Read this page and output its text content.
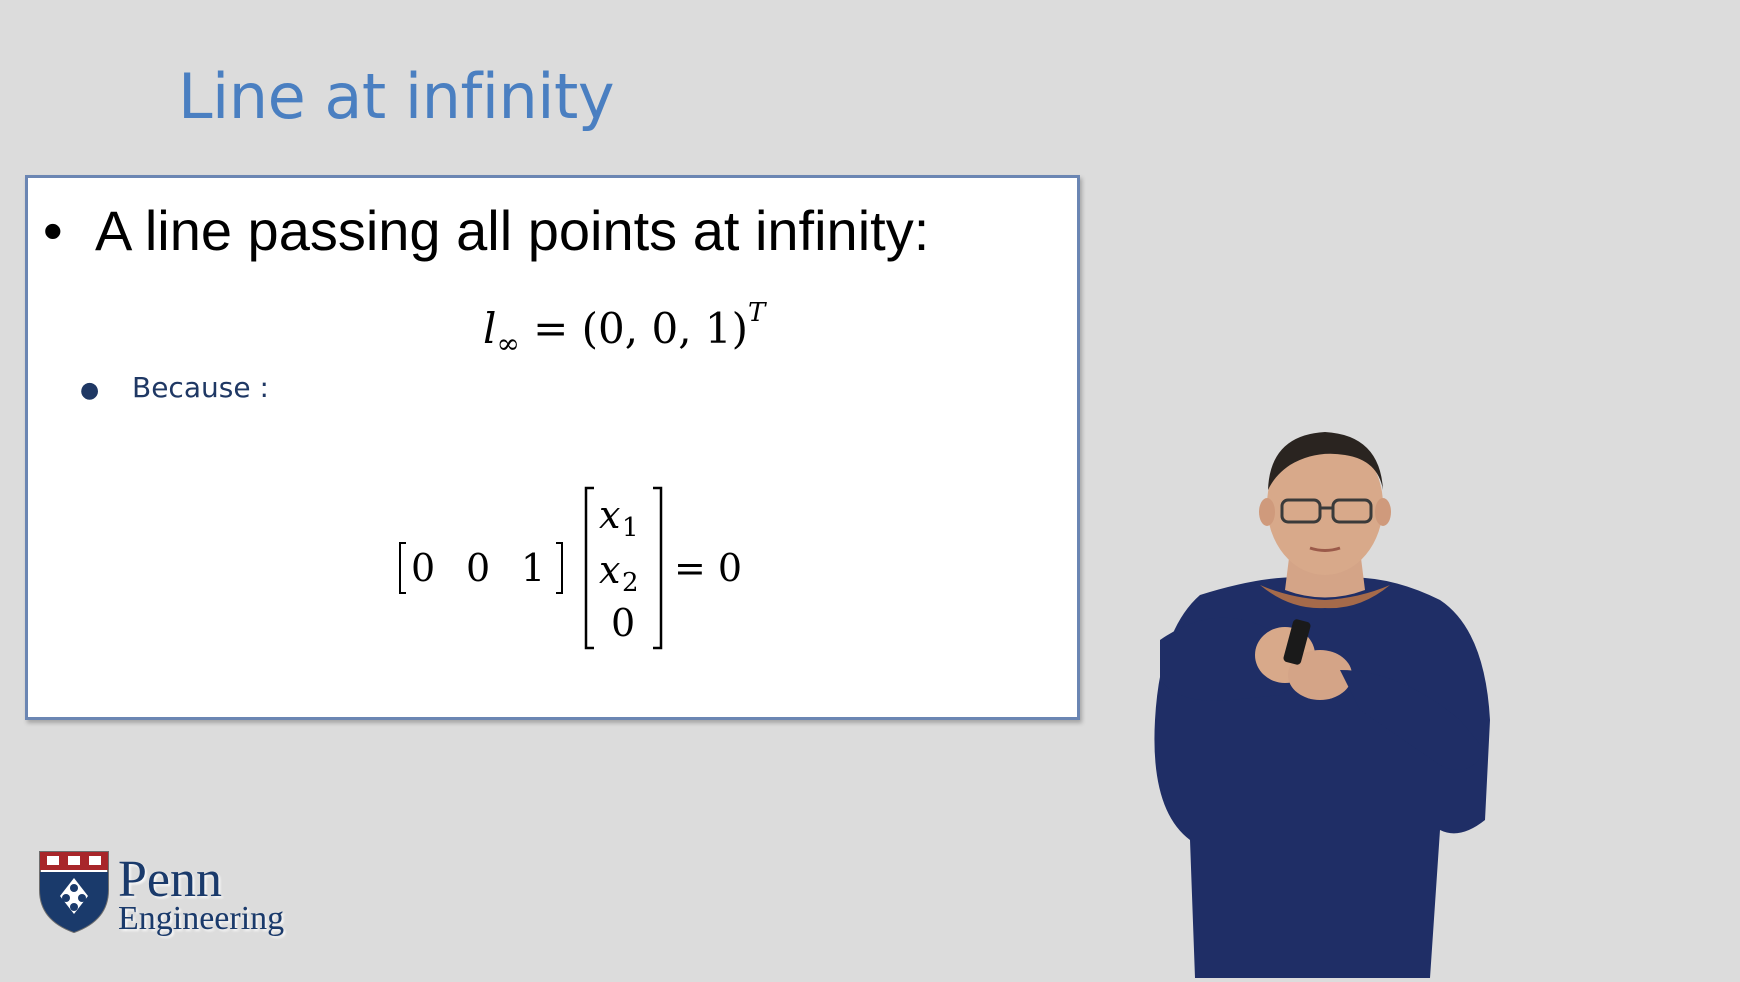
Line at infinity
• A line passing all points at infinity:
$l_\infty = (0$, 0, 1)$^T$
● Because :
0 0 1
x 1
x 2
0
= 0
Penn
Engineering
